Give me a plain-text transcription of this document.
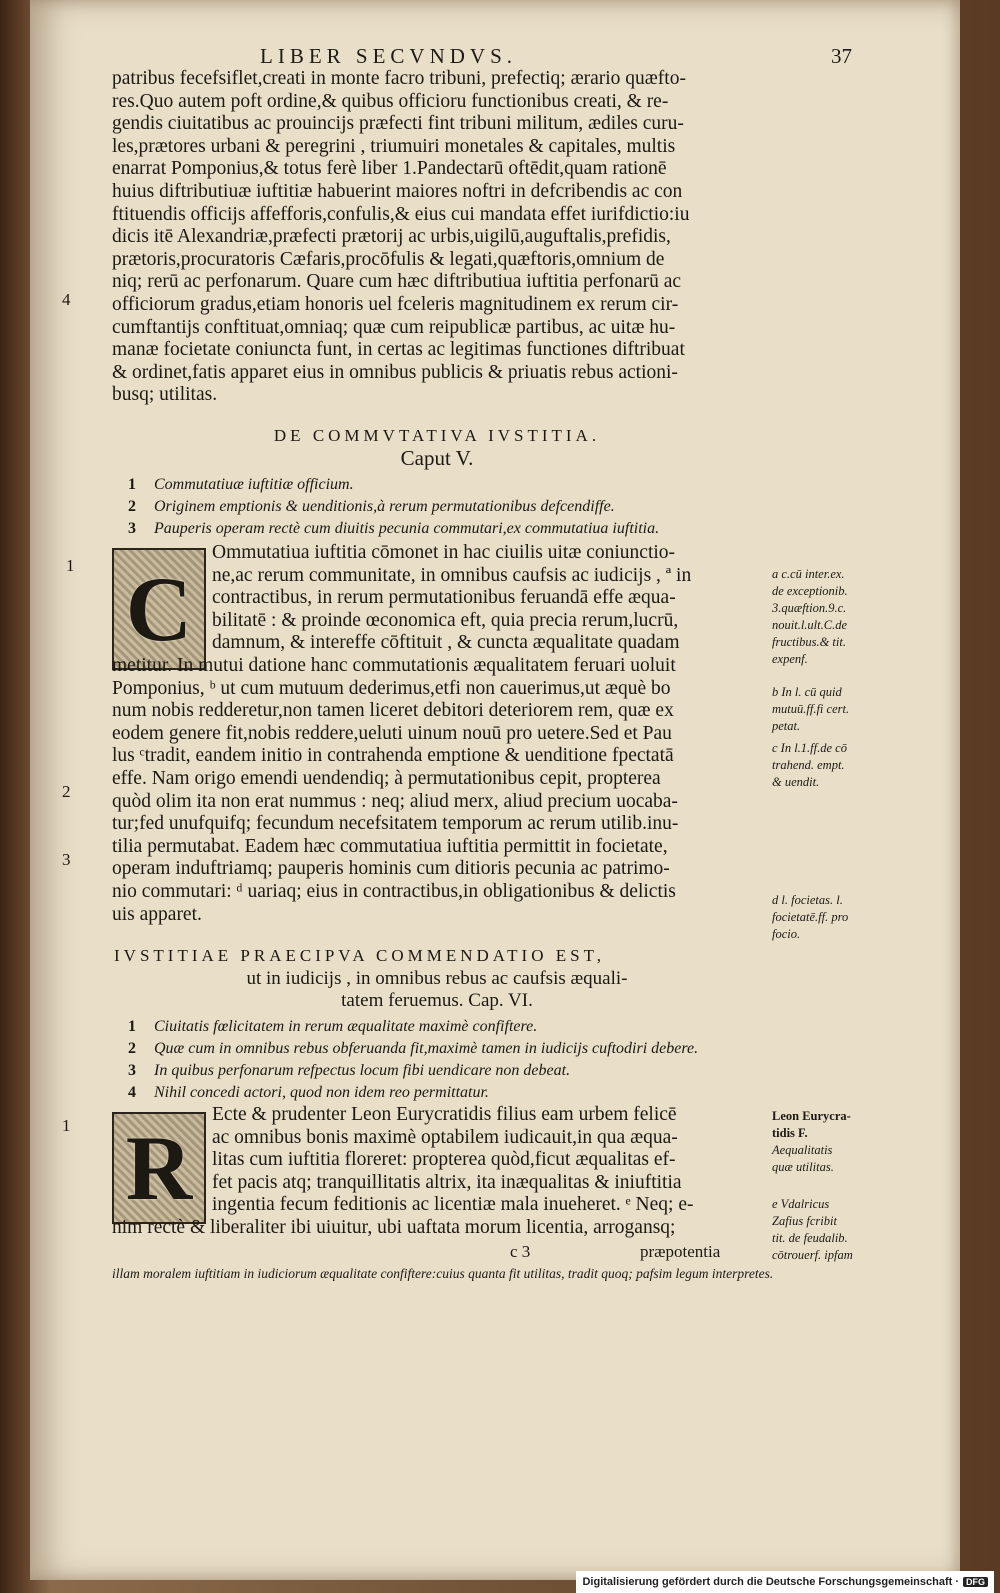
LIBER SECVNDVS.	37

patribus fecefsiflet,creati in monte facro tribuni, prefectiq; ærario quæfto-

res.Quo autem poft ordine,& quibus officioru functionibus creati, & re-

gendis ciuitatibus ac prouincijs præfecti fint tribuni militum, ædiles curu-

les,prætores urbani & peregrini , triumuiri monetales & capitales, multis

enarrat Pomponius,& totus ferè liber 1.Pandectarū oftēdit,quam rationē

huius diftributiuæ iuftitiæ habuerint maiores noftri in defcribendis ac con

ftituendis officijs affefforis,confulis,& eius cui mandata effet iurifdictio:iu

dicis itē Alexandriæ,præfecti prætorij ac urbis,uigilū,auguftalis,prefidis,

prætoris,procuratoris Cæfaris,procōfulis & legati,quæftoris,omnium de

niq; rerū ac perfonarum. Quare cum hæc diftributiua iuftitia perfonarū ac

officiorum gradus,etiam honoris uel fceleris magnitudinem ex rerum cir-

cumftantijs conftituat,omniaq; quæ cum reipublicæ partibus, ac uitæ hu-

manæ focietate coniuncta funt, in certas ac legitimas functiones diftribuat

& ordinet,fatis apparet eius in omnibus publicis & priuatis rebus actioni-

busq; utilitas.

4
DE COMMVTATIVA IVSTITIA.
Caput V.
1 Commutatiuæ iuftitiæ officium.
2 Originem emptionis & uenditionis,à rerum permutationibus defcendiffe.
3 Pauperis operam rectè cum diuitis pecunia commutari,ex commutatiua iuftitia.
1 C

Ommutatiua iuftitia cōmonet in hac ciuilis uitæ coniunctio-

ne,ac rerum communitate, in omnibus caufsis ac iudicijs , ª in

contractibus, in rerum permutationibus feruandā effe æqua-

bilitatē : & proinde œconomica eft, quia precia rerum,lucrū,

damnum, & intereffe cōftituit , & cuncta æqualitate quadam

metitur. In mutui datione hanc commutationis æqualitatem feruari uoluit

Pomponius, ᵇ ut cum mutuum dederimus,etfi non cauerimus,ut æquè bo

num nobis redderetur,non tamen liceret debitori deteriorem rem, quæ ex

eodem genere fit,nobis reddere,ueluti uinum nouū pro uetere.Sed et Pau

lus ᶜtradit, eandem initio in contrahenda emptione & uenditione fpectatā

effe. Nam origo emendi uendendiq; à permutationibus cepit, propterea

quòd olim ita non erat nummus : neq; aliud merx, aliud precium uocaba-

tur;fed unufquifq; fecundum necefsitatem temporum ac rerum utilib.inu-

tilia permutabat. Eadem hæc commutatiua iuftitia permittit in focietate,

operam induftriamq; pauperis hominis cum ditioris pecunia ac patrimo-

nio commutari: ᵈ uariaq; eius in contractibus,in obligationibus & delictis

uis apparet.

2
3
a c.cū inter.ex.
de exceptionib.
3.quæftion.9.c.
nouit.l.ult.C.de
fructibus.& tit.
expenf.
b In l. cū quid
mutuū.ff.fi cert.
petat.
c In l.1.ff.de cō
trahend. empt.
& uendit.
d l. focietas. l.
focietatē.ff. pro
focio.
IVSTITIAE PRAECIPVA COMMENDATIO EST,
ut in iudicijs , in omnibus rebus ac caufsis æquali-
tatem feruemus. Cap. VI.
1 Ciuitatis fœlicitatem in rerum æqualitate maximè confiftere.
2 Quæ cum in omnibus rebus obferuanda fit,maximè tamen in iudicijs cuftodiri debere.
3 In quibus perfonarum refpectus locum fibi uendicare non debeat.
4 Nihil concedi actori, quod non idem reo permittatur.
1 R

Ecte & prudenter Leon Eurycratidis filius eam urbem felicē

ac omnibus bonis maximè optabilem iudicauit,in qua æqua-

litas cum iuftitia floreret: propterea quòd,ficut æqualitas ef-

fet pacis atq; tranquillitatis altrix, ita inæqualitas & iniuftitia

ingentia fecum feditionis ac licentiæ mala inueheret. ᵉ Neq; e-

nim rectè & liberaliter ibi uiuitur, ubi uaftata morum licentia, arrogansq;

Leon Eurycra-
tidis F.
Aequalitatis
quæ utilitas.
e Vdalricus
Zafius fcribit
tit. de feudalib.
cōtrouerf. ipfam
c 3	præpotentia
illam moralem iuftitiam in iudiciorum æqualitate confiftere:cuius quanta fit utilitas, tradit quoq; pafsim legum interpretes.
Digitalisierung gefördert durch die Deutsche Forschungsgemeinschaft · DFG
